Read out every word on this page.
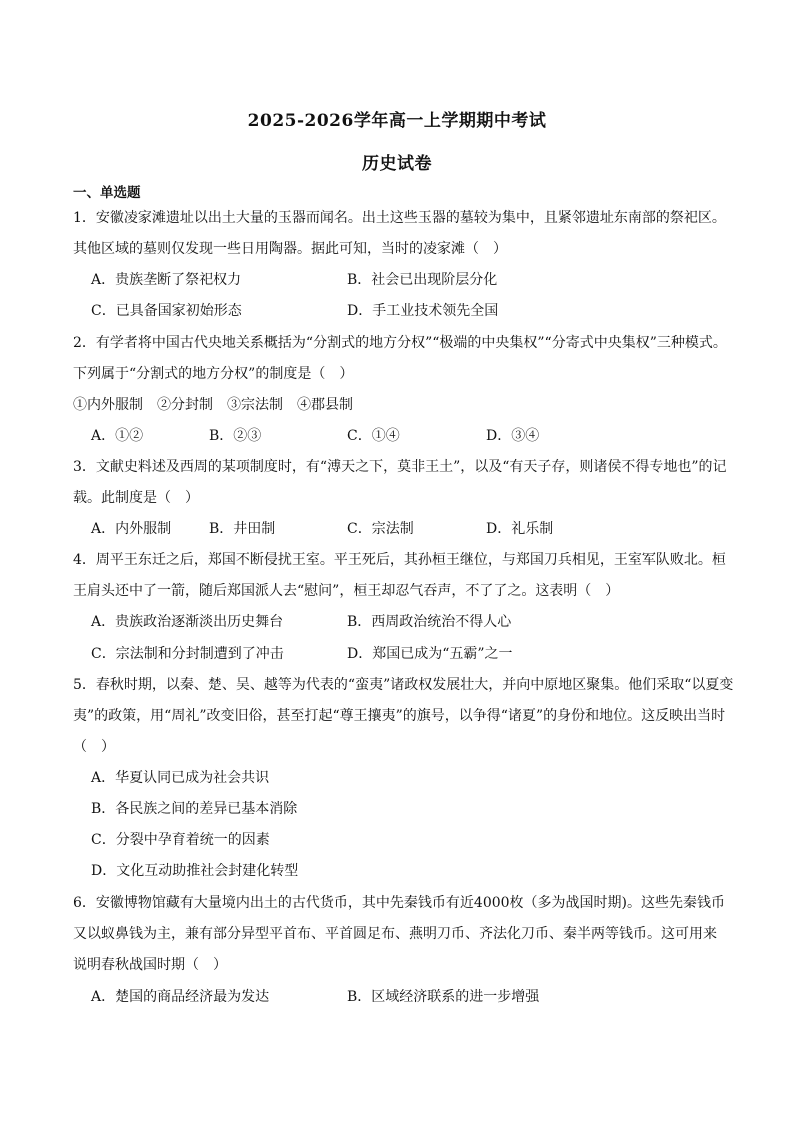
2025-2026学年高一上学期期中考试
历史试卷
一、单选题
1．安徽凌家滩遗址以出土大量的玉器而闻名。出土这些玉器的墓较为集中，且紧邻遗址东南部的祭祀区。
其他区域的墓则仅发现一些日用陶器。据此可知，当时的凌家滩（　）
A．贵族垄断了祭祀权力	B．社会已出现阶层分化
C．已具备国家初始形态	D．手工业技术领先全国
2．有学者将中国古代央地关系概括为“分割式的地方分权”“极端的中央集权”“分寄式中央集权”三种模式。
下列属于“分割式的地方分权”的制度是（　）
①内外服制　②分封制　③宗法制　④郡县制
A．①②	B．②③	C．①④	D．③④
3．文献史料述及西周的某项制度时，有“溥天之下，莫非王土”，以及“有天子存，则诸侯不得专地也”的记
载。此制度是（　）
A．内外服制	B．井田制	C．宗法制	D．礼乐制
4．周平王东迁之后，郑国不断侵扰王室。平王死后，其孙桓王继位，与郑国刀兵相见，王室军队败北。桓
王肩头还中了一箭，随后郑国派人去“慰问”，桓王却忍气吞声，不了了之。这表明（　）
A．贵族政治逐渐淡出历史舞台	B．西周政治统治不得人心
C．宗法制和分封制遭到了冲击	D．郑国已成为“五霸”之一
5．春秋时期，以秦、楚、吴、越等为代表的“蛮夷”诸政权发展壮大，并向中原地区聚集。他们采取“以夏变
夷”的政策，用“周礼”改变旧俗，甚至打起“尊王攘夷”的旗号，以争得“诸夏”的身份和地位。这反映出当时
（　）
A．华夏认同已成为社会共识
B．各民族之间的差异已基本消除
C．分裂中孕育着统一的因素
D．文化互动助推社会封建化转型
6．安徽博物馆藏有大量境内出土的古代货币，其中先秦钱币有近4000枚（多为战国时期)。这些先秦钱币
又以蚁鼻钱为主，兼有部分异型平首布、平首圆足布、燕明刀币、齐法化刀币、秦半两等钱币。这可用来
说明春秋战国时期（　）
A．楚国的商品经济最为发达	B．区域经济联系的进一步增强
